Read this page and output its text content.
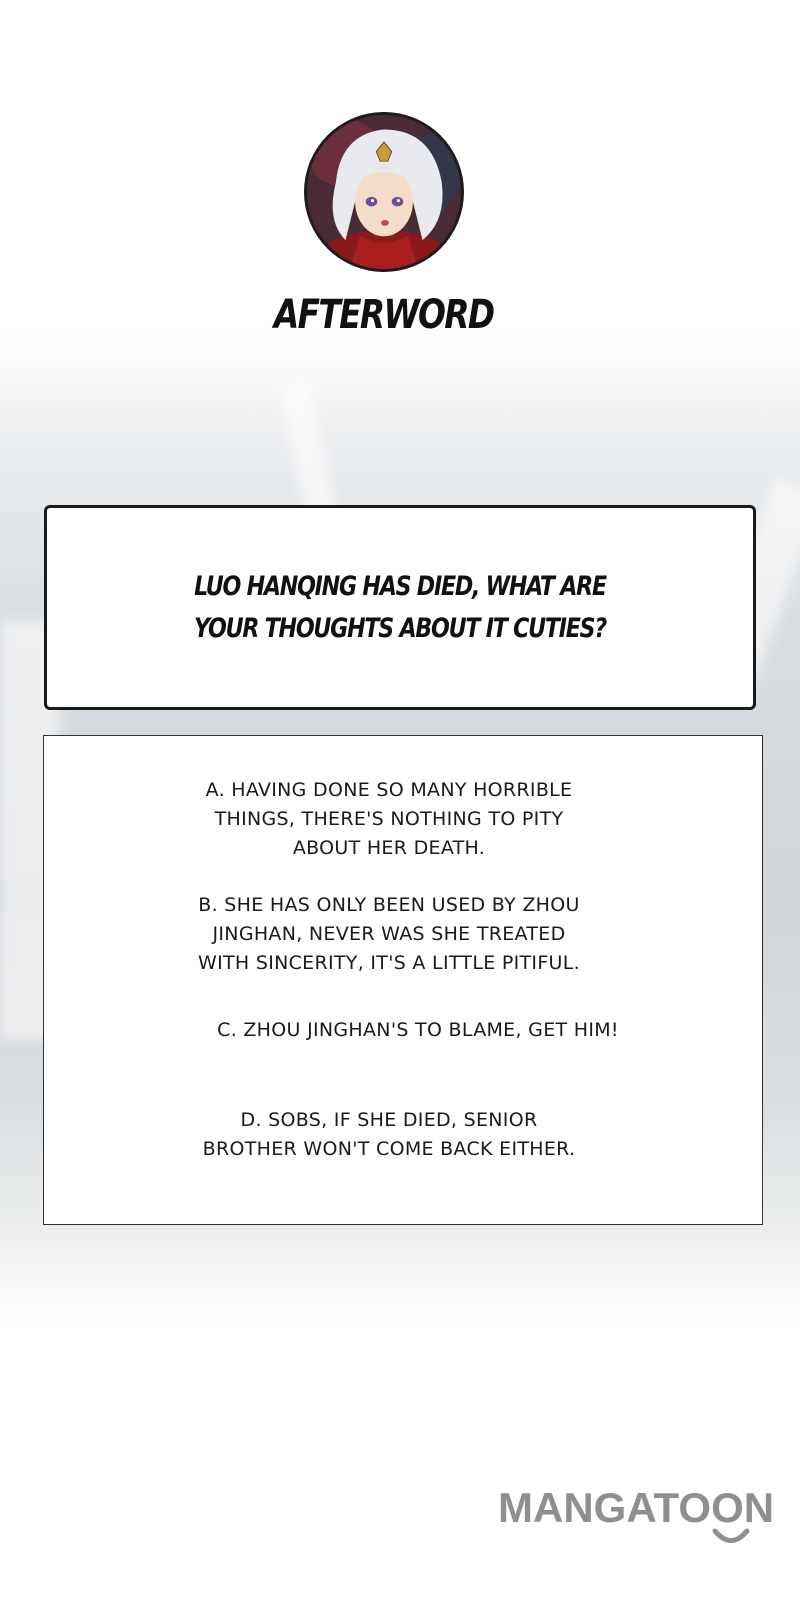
AFTERWORD
LUO HANQING HAS DIED, WHAT ARE
YOUR THOUGHTS ABOUT IT CUTIES?
A. HAVING DONE SO MANY HORRIBLE
THINGS, THERE'S NOTHING TO PITY
ABOUT HER DEATH.
B. SHE HAS ONLY BEEN USED BY ZHOU
JINGHAN, NEVER WAS SHE TREATED
WITH SINCERITY, IT'S A LITTLE PITIFUL.
C. ZHOU JINGHAN'S TO BLAME, GET HIM!
D. SOBS, IF SHE DIED, SENIOR
BROTHER WON'T COME BACK EITHER.
MANGATOON
